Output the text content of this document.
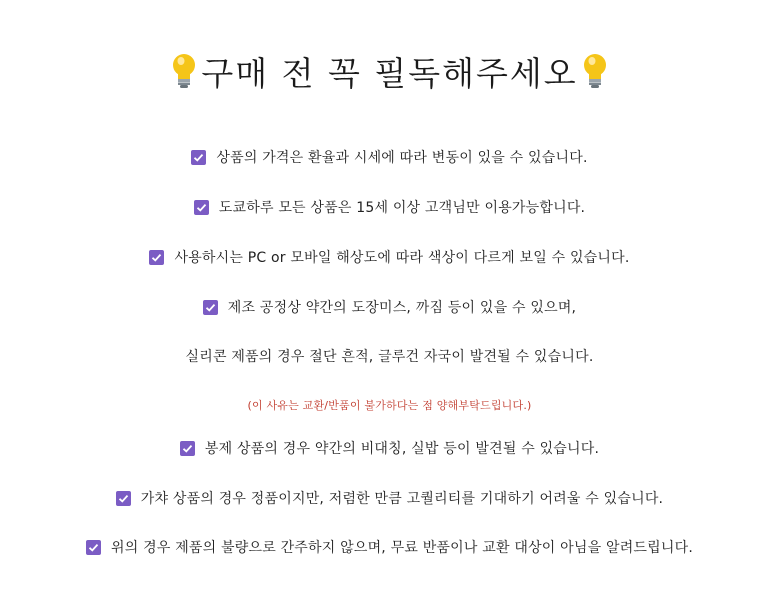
구매 전 꼭 필독해주세오
상품의 가격은 환율과 시세에 따라 변동이 있을 수 있습니다.
도쿄하루 모든 상품은 15세 이상 고객님만 이용가능합니다.
사용하시는 PC or 모바일 해상도에 따라 색상이 다르게 보일 수 있습니다.
제조 공정상 약간의 도장미스, 까짐 등이 있을 수 있으며,
실리콘 제품의 경우 절단 흔적, 글루건 자국이 발견될 수 있습니다.
(이 사유는 교환/반품이 불가하다는 점 양해부탁드립니다.)
봉제 상품의 경우 약간의 비대칭, 실밥 등이 발견될 수 있습니다.
가챠 상품의 경우 정품이지만, 저렴한 만큼 고퀄리티를 기대하기 어려울 수 있습니다.
위의 경우 제품의 불량으로 간주하지 않으며, 무료 반품이나 교환 대상이 아님을 알려드립니다.
